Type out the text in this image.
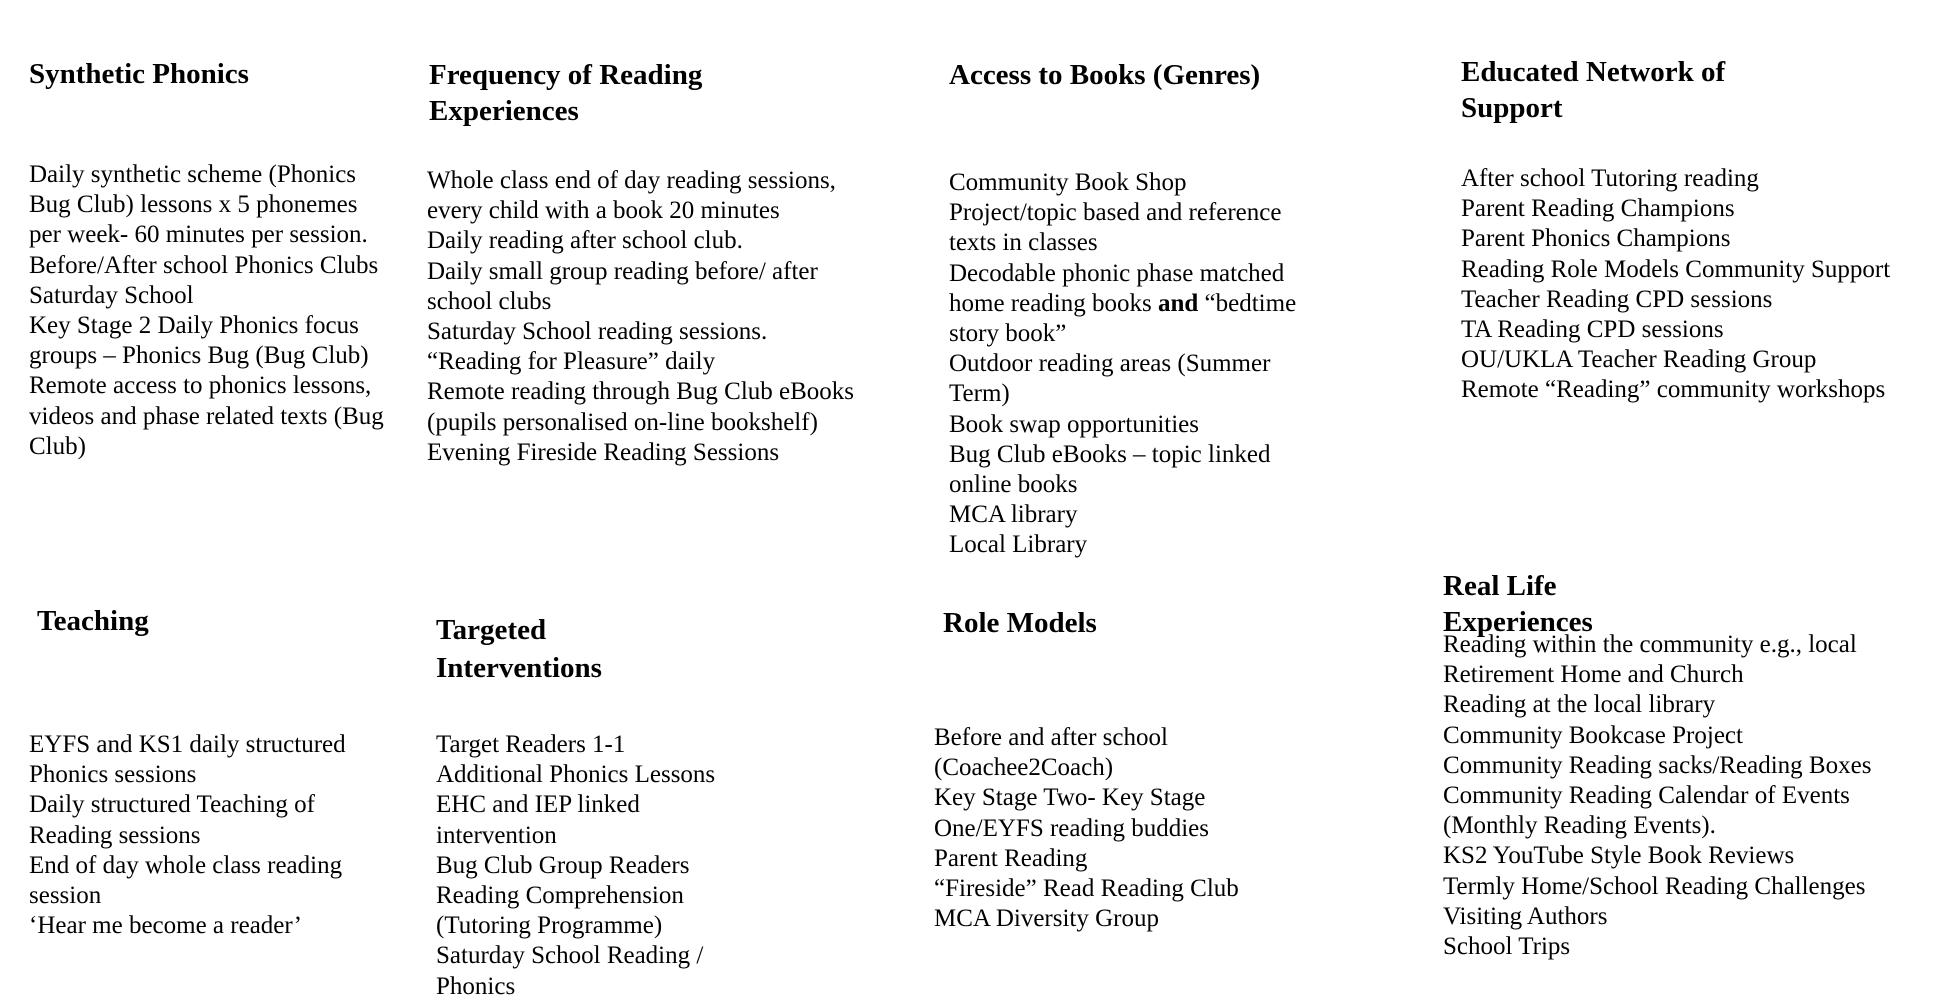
Synthetic Phonics
Daily synthetic scheme (Phonics Bug Club) lessons x 5 phonemes per week- 60 minutes per session.
Before/After school Phonics Clubs
Saturday School
Key Stage 2 Daily Phonics focus groups – Phonics Bug (Bug Club)
Remote access to phonics lessons, videos and phase related texts (Bug Club)
Frequency of Reading
Experiences
Whole class end of day reading sessions, every child with a book 20 minutes
Daily reading after school club.
Daily small group reading before/ after school clubs
Saturday School reading sessions.
“Reading for Pleasure” daily
Remote reading through Bug Club eBooks (pupils personalised on-line bookshelf)
Evening Fireside Reading Sessions
Access to Books (Genres)
Community Book Shop
Project/topic based and reference texts in classes
Decodable phonic phase matched home reading books and “bedtime story book”
Outdoor reading areas (Summer Term)
Book swap opportunities
Bug Club eBooks – topic linked online books
MCA library
Local Library
Educated Network of
Support
After school Tutoring reading
Parent Reading Champions
Parent Phonics Champions
Reading Role Models Community Support
Teacher Reading CPD sessions
TA Reading CPD sessions
OU/UKLA Teacher Reading Group
Remote “Reading” community workshops
Teaching
EYFS and KS1 daily structured Phonics sessions
Daily structured Teaching of Reading sessions
End of day whole class reading session
‘Hear me become a reader’
Targeted
Interventions
Target Readers 1-1
Additional Phonics Lessons
EHC and IEP linked intervention
Bug Club Group Readers
Reading Comprehension (Tutoring Programme)
Saturday School Reading / Phonics
Role Models
Before and after school (Coachee2Coach)
Key Stage Two- Key Stage One/EYFS reading buddies
Parent Reading
“Fireside” Read Reading Club
MCA Diversity Group
Real Life
Experiences
Reading within the community e.g., local Retirement Home and Church
Reading at the local library
Community Bookcase Project
Community Reading sacks/Reading Boxes
Community Reading Calendar of Events (Monthly Reading Events).
KS2 YouTube Style Book Reviews
Termly Home/School Reading Challenges
Visiting Authors
School Trips
